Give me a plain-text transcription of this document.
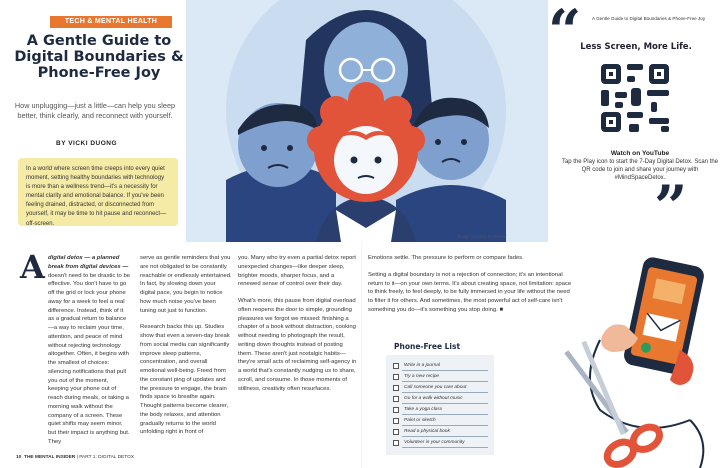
TECH & MENTAL HEALTH
A Gentle Guide to Digital Boundaries & Phone-Free Joy
How unplugging—just a little—can help you sleep better, think clearly, and reconnect with yourself.
BY VICKI DUONG
In a world where screen time creeps into every quiet moment, setting healthy boundaries with technology is more than a wellness trend—it's a necessity for mental clarity and emotional balance. If you've been feeling drained, distracted, or disconnected from yourself, it may be time to hit pause and reconnect—off-screen.
Image courtesy of Freepik
“ A Gentle Guide to Digital Boundaries & Phone-Free Joy
Less Screen, More Life.
Watch on YouTube
Tap the Play icon to start the 7-Day Digital Detox. Scan the QR code to join and share your journey with #MindSpaceDetox.
”
A digital detox — a planned break from digital devices — doesn't need to be drastic to be effective. You don't have to go off the grid or lock your phone away for a week to feel a real difference. Instead, think of it as a gradual return to balance—a way to reclaim your time, attention, and peace of mind without rejecting technology altogether. Often, it begins with the smallest of choices: silencing notifications that pull you out of the moment, keeping your phone out of reach during meals, or taking a morning walk without the company of a screen. These quiet shifts may seem minor, but their impact is anything but. They

serve as gentle reminders that you are not obligated to be constantly reachable or endlessly entertained. In fact, by slowing down your digital pace, you begin to notice how much noise you've been tuning out just to function.

Research backs this up. Studies show that even a seven-day break from social media can significantly improve sleep patterns, concentration, and overall emotional well-being. Freed from the constant ping of updates and the pressure to engage, the brain finds space to breathe again. Thought patterns become clearer, the body relaxes, and attention gradually returns to the world unfolding right in front of

you. Many who try even a partial detox report unexpected changes—like deeper sleep, brighter moods, sharper focus, and a renewed sense of control over their day.

What's more, this pause from digital overload often reopens the door to simple, grounding pleasures we forgot we missed: finishing a chapter of a book without distraction, cooking without needing to photograph the result, writing down thoughts instead of posting them. These aren't just nostalgic habits—they're small acts of reclaiming self-agency in a world that's constantly nudging us to share, scroll, and consume. In those moments of stillness, creativity often resurfaces.

Emotions settle. The pressure to perform or compare fades.

Setting a digital boundary is not a rejection of connection; it's an intentional return to it—on your own terms. It's about creating space, not limitation: space to think freely, to feel deeply, to be fully immersed in your life without the need to filter it for others. And sometimes, the most powerful act of self-care isn't something you do—it's something you stop doing. ■

Phone-Free List
Write in a journal
Try a new recipe
Call someone you care about
Go for a walk without music
Take a yoga class
Paint or sketch
Read a physical book
Volunteer in your community
10 THE MENTAL INSIDER | PART 1: DIGITAL DETOX
